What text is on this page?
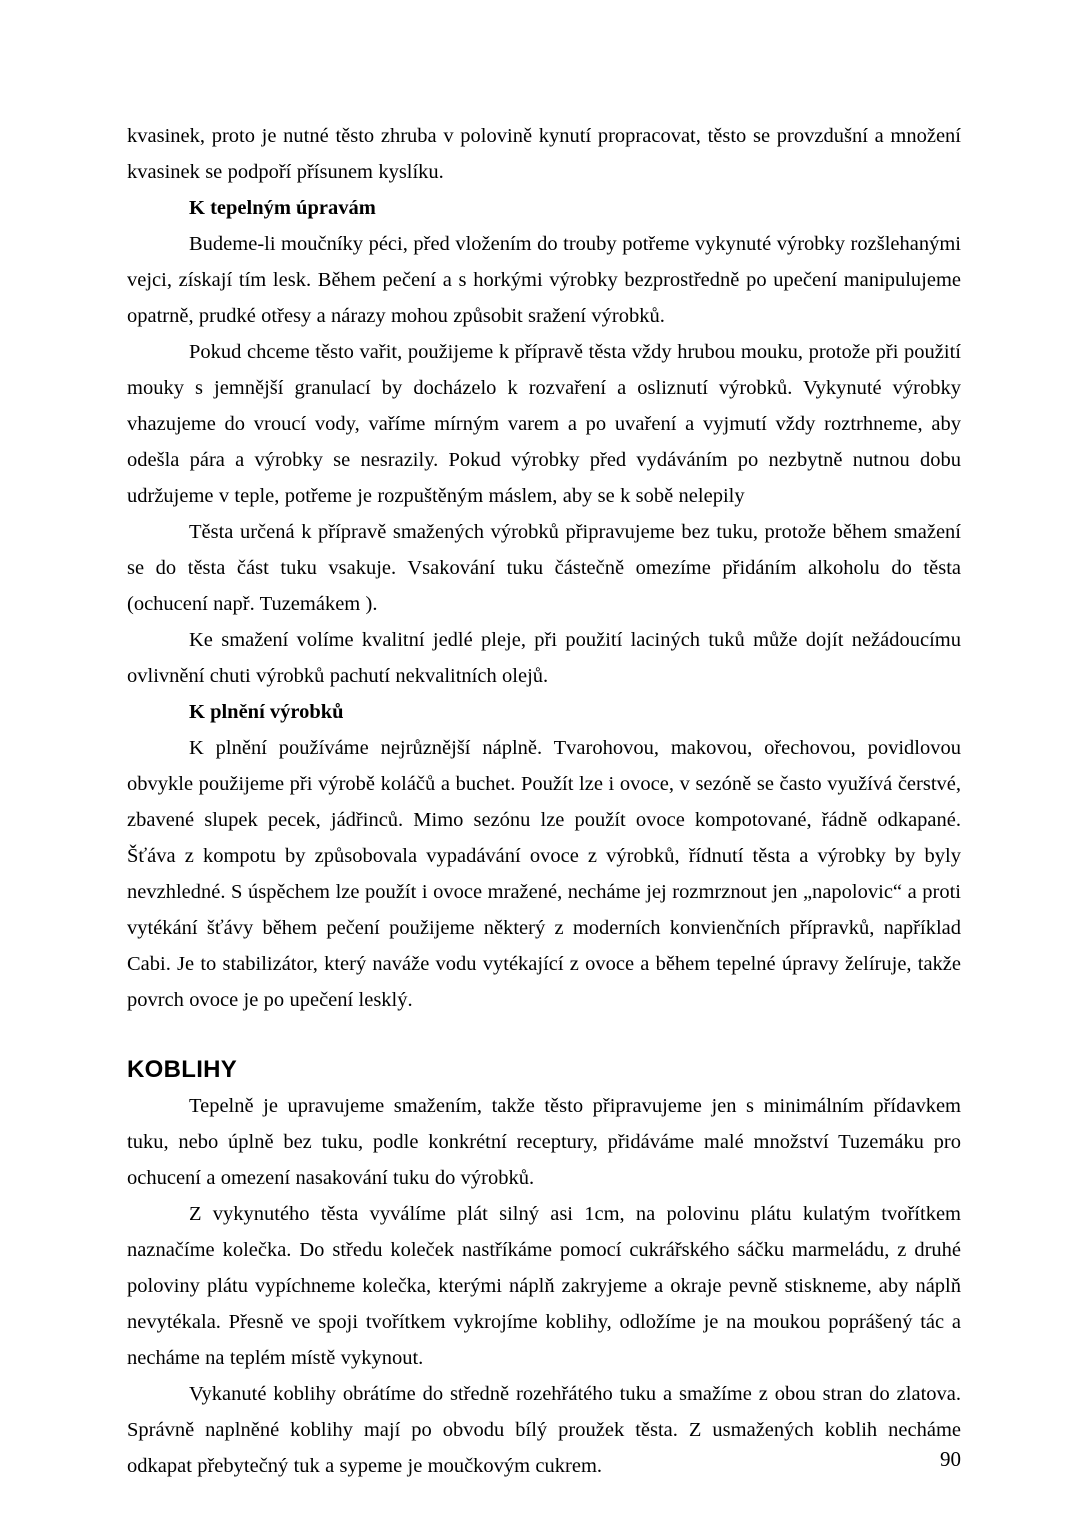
kvasinek, proto je nutné těsto zhruba v polovině kynutí propracovat, těsto se provzdušní a množení kvasinek se podpoří přísunem kyslíku.

K tepelným úpravám

Budeme-li moučníky péci, před vložením do trouby potřeme vykynuté výrobky rozšlehanými vejci, získají tím lesk. Během pečení a s horkými výrobky bezprostředně po upečení manipulujeme opatrně, prudké otřesy a nárazy mohou způsobit sražení výrobků.

Pokud chceme těsto vařit, použijeme k přípravě těsta vždy hrubou mouku, protože při použití mouky s jemnější granulací by docházelo k rozvaření a osliznutí výrobků. Vykynuté výrobky vhazujeme do vroucí vody, vaříme mírným varem a po uvaření a vyjmutí vždy roztrhneme, aby odešla pára a výrobky se nesrazily. Pokud výrobky před vydáváním po nezbytně nutnou dobu udržujeme v teple, potřeme je rozpuštěným máslem, aby se k sobě nelepily

Těsta určená k přípravě smažených výrobků připravujeme bez tuku, protože během smažení se do těsta část tuku vsakuje. Vsakování tuku částečně omezíme přidáním alkoholu do těsta (ochucení např. Tuzemákem ).

Ke smažení volíme kvalitní jedlé pleje, při použití laciných tuků může dojít nežádoucímu ovlivnění chuti výrobků pachutí nekvalitních olejů.

K plnění výrobků

K plnění používáme nejrůznější náplně. Tvarohovou, makovou, ořechovou, povidlovou obvykle použijeme při výrobě koláčů a buchet. Použít lze i ovoce, v sezóně se často využívá čerstvé, zbavené slupek pecek, jádřinců. Mimo sezónu lze použít ovoce kompotované, řádně odkapané. Šťáva z kompotu by způsobovala vypadávání ovoce z výrobků, řídnutí těsta a výrobky by byly nevzhledné. S úspěchem lze použít i ovoce mražené, necháme jej rozmrznout jen „napolovic“ a proti vytékání šťávy během pečení použijeme některý z moderních konvienčních přípravků, například Cabi. Je to stabilizátor, který naváže vodu vytékající z ovoce a během tepelné úpravy želíruje, takže povrch ovoce je po upečení lesklý.

KOBLIHY

Tepelně je upravujeme smažením, takže těsto připravujeme jen s minimálním přídavkem tuku, nebo úplně bez tuku, podle konkrétní receptury, přidáváme malé množství Tuzemáku pro ochucení a omezení nasakování tuku do výrobků.

Z vykynutého těsta vyválíme plát silný asi 1cm, na polovinu plátu kulatým tvořítkem naznačíme kolečka. Do středu koleček nastříkáme pomocí cukrářského sáčku marmeládu, z druhé poloviny plátu vypíchneme kolečka, kterými náplň zakryjeme a okraje pevně stiskneme, aby náplň nevytékala. Přesně ve spoji tvořítkem vykrojíme koblihy, odložíme je na moukou poprášený tác a necháme na teplém místě vykynout.

Vykanuté koblihy obrátíme do středně rozehřátého tuku a smažíme z obou stran do zlatova. Správně naplněné koblihy mají po obvodu bílý proužek těsta. Z usmažených koblih necháme odkapat přebytečný tuk a sypeme je moučkovým cukrem.	90
